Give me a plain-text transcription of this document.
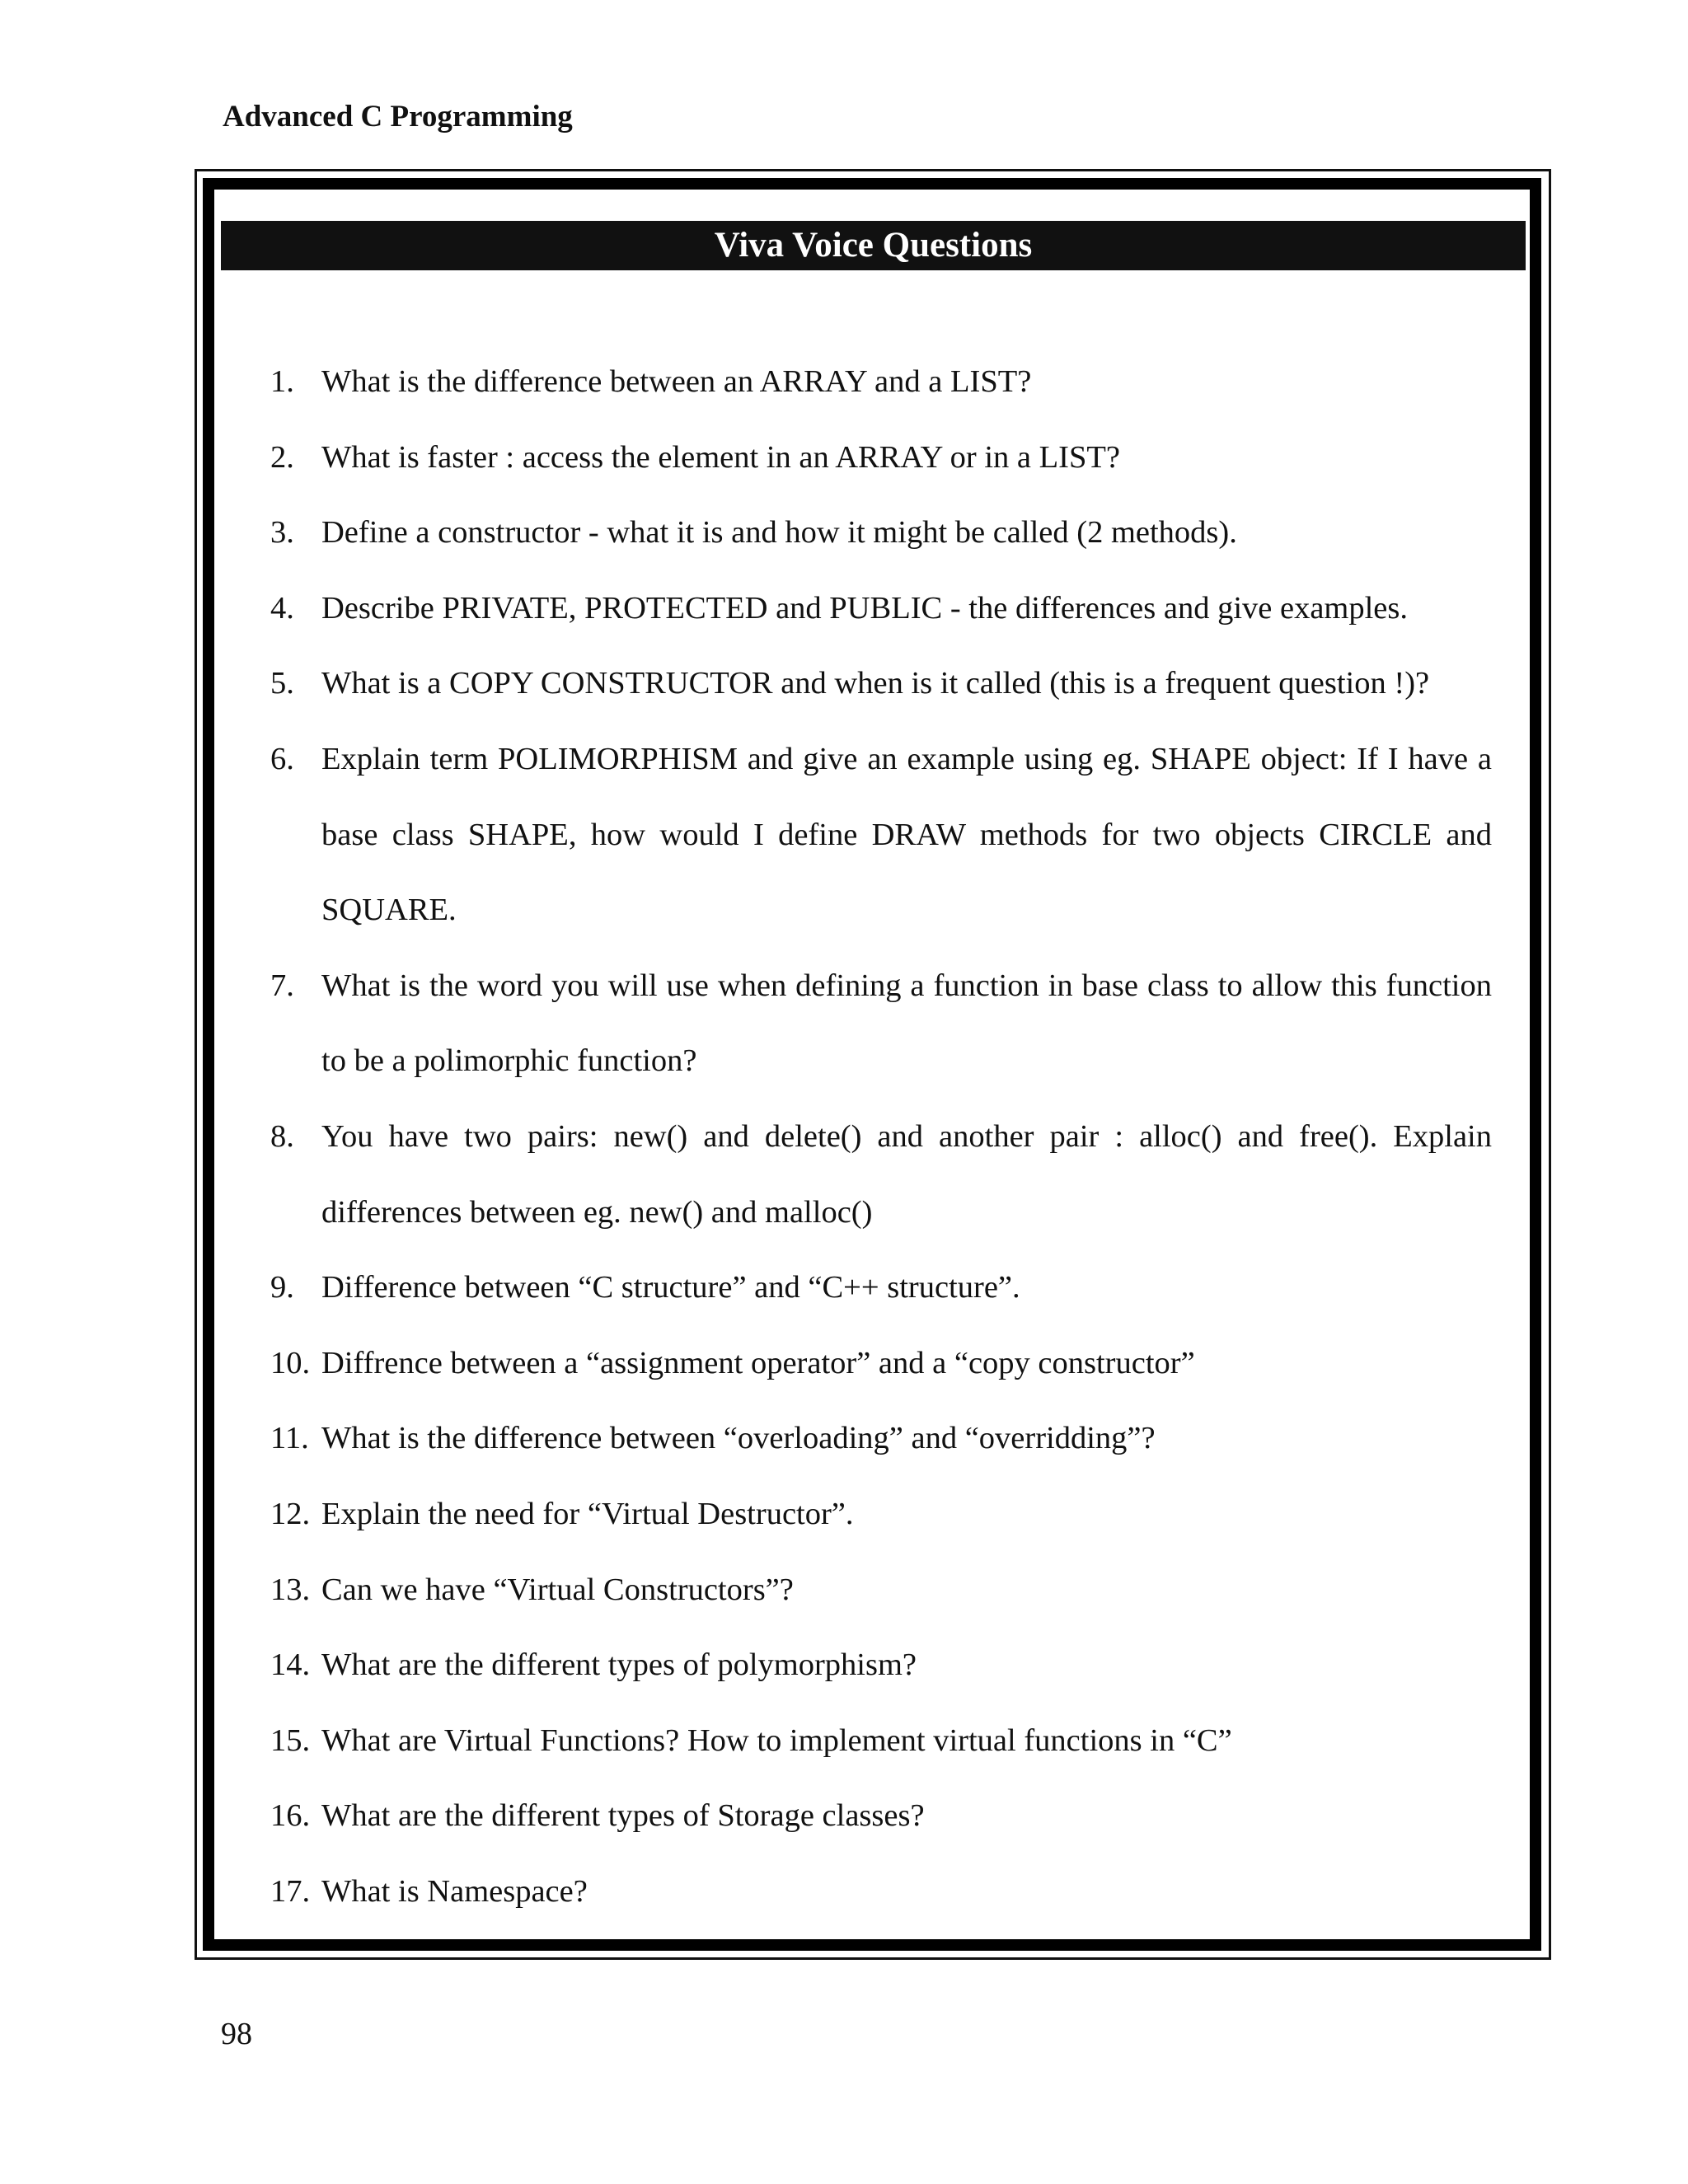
Advanced C Programming
Viva Voice Questions
1. What is the difference between an ARRAY and a LIST?
2. What is faster : access the element in an ARRAY or in a LIST?
3. Define a constructor - what it is and how it might be called (2 methods).
4. Describe PRIVATE, PROTECTED and PUBLIC - the differences and give examples.
5. What is a COPY CONSTRUCTOR and when is it called (this is a frequent question !)?
6. Explain term POLIMORPHISM and give an example using eg. SHAPE object: If I have a base class SHAPE, how would I define DRAW methods for two objects CIRCLE and SQUARE.
7. What is the word you will use when defining a function in base class to allow this function to be a polimorphic function?
8. You have two pairs: new() and delete() and another pair : alloc() and free(). Explain differences between eg. new() and malloc()
9. Difference between “C structure” and “C++ structure”.
10. Diffrence between a “assignment operator” and a “copy constructor”
11. What is the difference between “overloading” and “overridding”?
12. Explain the need for “Virtual Destructor”.
13. Can we have “Virtual Constructors”?
14. What are the different types of polymorphism?
15. What are Virtual Functions? How to implement virtual functions in “C”
16. What are the different types of Storage classes?
17. What is Namespace?
98
